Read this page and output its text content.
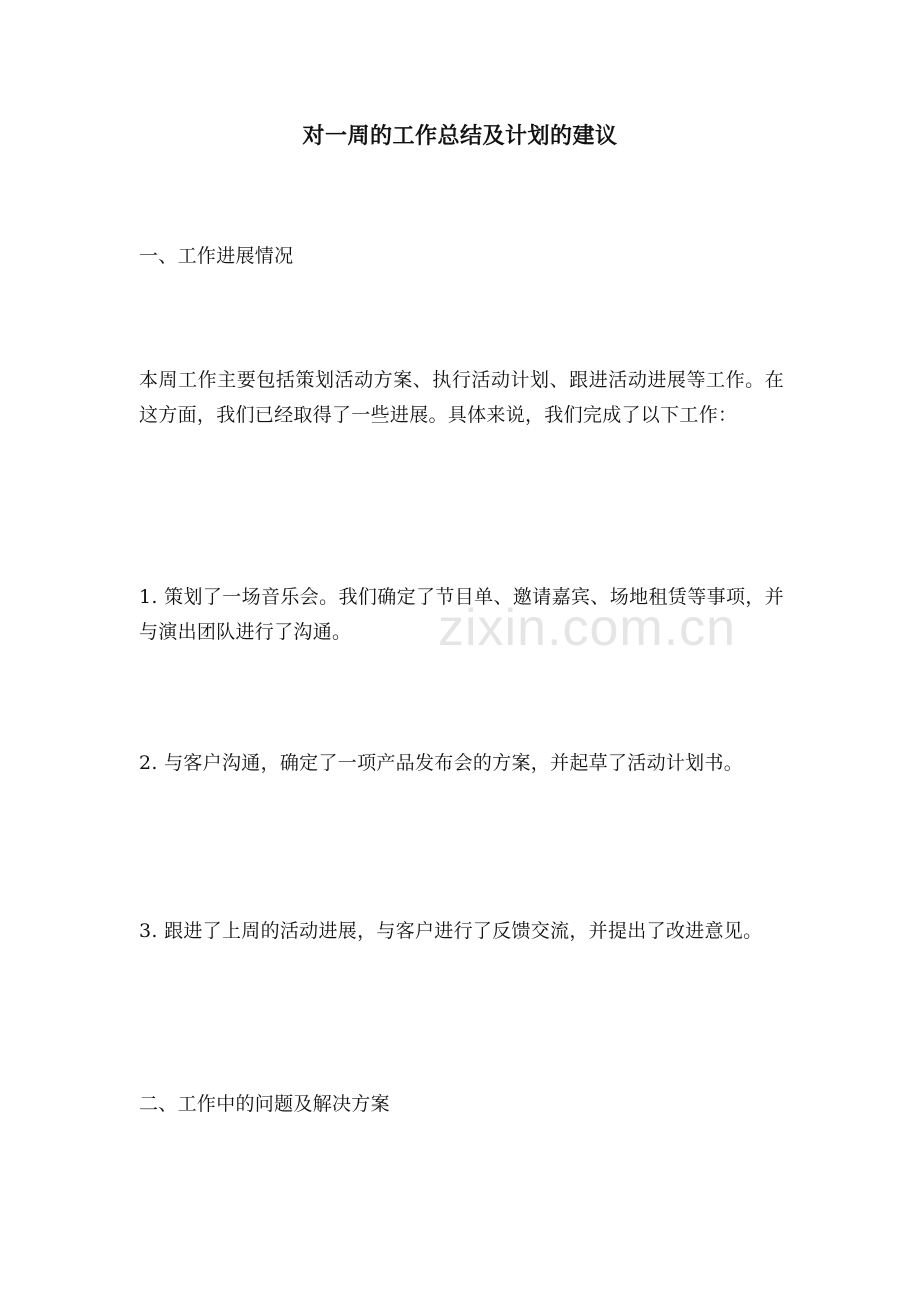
对一周的工作总结及计划的建议
一、工作进展情况
本周工作主要包括策划活动方案、执行活动计划、跟进活动进展等工作。在这方面，我们已经取得了一些进展。具体来说，我们完成了以下工作：
1. 策划了一场音乐会。我们确定了节目单、邀请嘉宾、场地租赁等事项，并与演出团队进行了沟通。
2. 与客户沟通，确定了一项产品发布会的方案，并起草了活动计划书。
3. 跟进了上周的活动进展，与客户进行了反馈交流，并提出了改进意见。
二、工作中的问题及解决方案
zixin.com.cn
